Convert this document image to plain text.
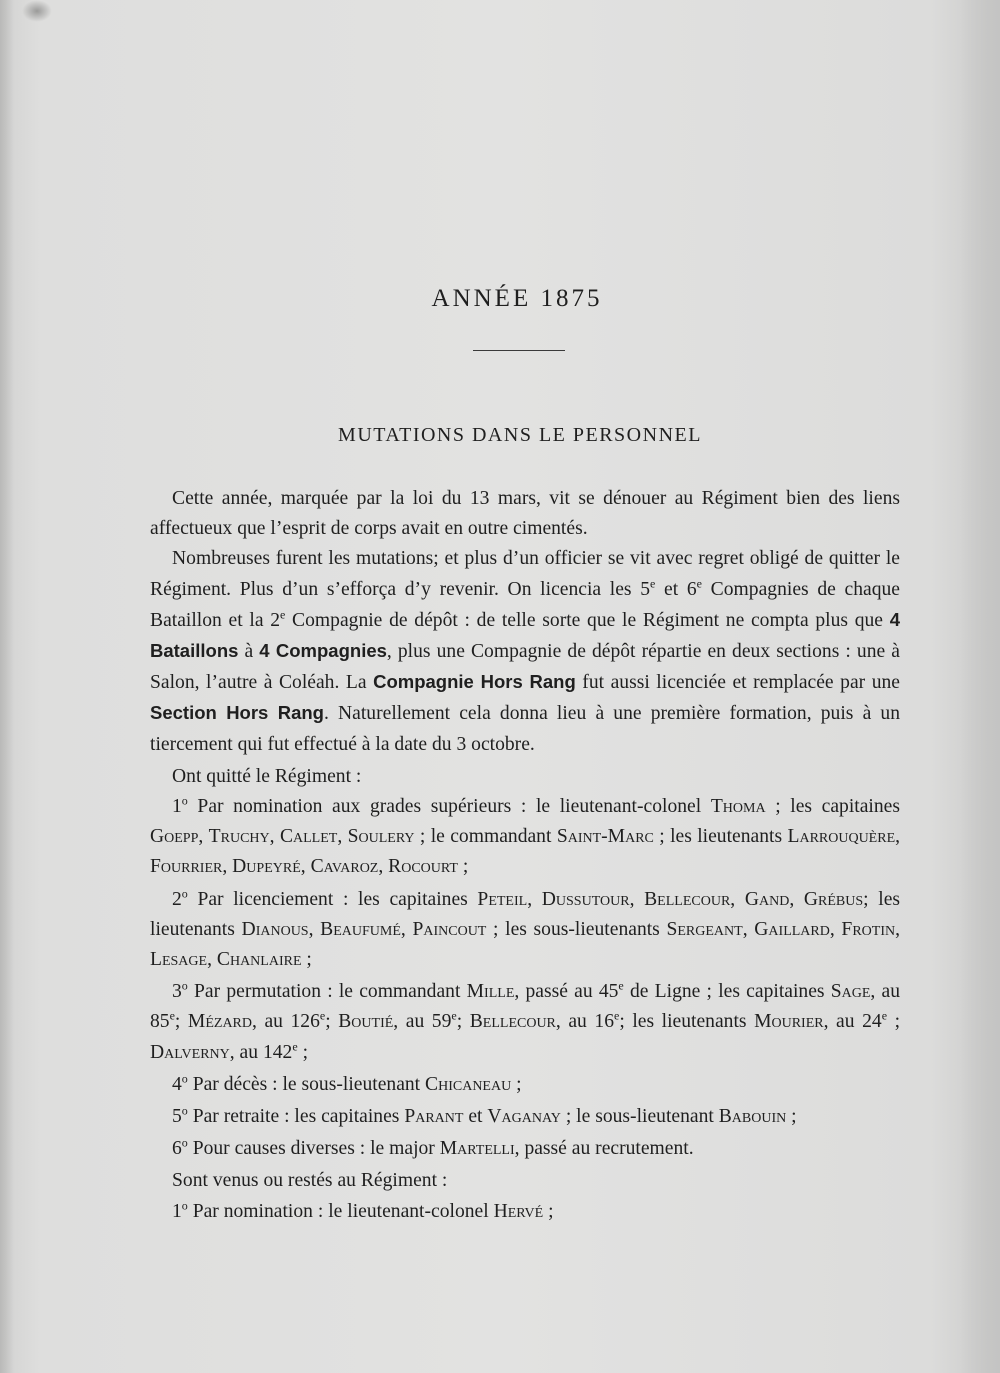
ANNÉE 1875
MUTATIONS DANS LE PERSONNEL

Cette année, marquée par la loi du 13 mars, vit se dénouer au Régiment bien des liens affectueux que l’esprit de corps avait en outre cimentés.

Nombreuses furent les mutations; et plus d’un officier se vit avec regret obligé de quitter le Régiment. Plus d’un s’efforça d’y revenir. On licencia les 5e et 6e Compagnies de chaque Bataillon et la 2e Compagnie de dépôt : de telle sorte que le Régiment ne compta plus que 4 Bataillons à 4 Compagnies, plus une Compagnie de dépôt répartie en deux sections : une à Salon, l’autre à Coléah. La Compagnie Hors Rang fut aussi licenciée et remplacée par une Section Hors Rang. Naturellement cela donna lieu à une première formation, puis à un tiercement qui fut effectué à la date du 3 octobre.

Ont quitté le Régiment :

1$^o$ Par nomination aux grades supérieurs : le lieutenant-colonel Thoma ; les capitaines Goepp, Truchy, Callet, Soulery ; le commandant Saint-Marc ; les lieutenants Larrouquère, Fourrier, Dupeyré, Cavaroz, Rocourt ;

2$^o$ Par licenciement : les capitaines Peteil, Dussutour, Bellecour, Gand, Grébus; les lieutenants Dianous, Beaufumé, Paincout ; les sous-lieutenants Sergeant, Gaillard, Frotin, Lesage, Chanlaire ;

3$^o$ Par permutation : le commandant Mille, passé au 45e de Ligne ; les capitaines Sage, au 85e; Mézard, au 126e; Boutié, au 59e; Bellecour, au 16e; les lieutenants Mourier, au 24e ; Dalverny, au 142e ;

4$^o$ Par décès : le sous-lieutenant Chicaneau ;

5$^o$ Par retraite : les capitaines Parant et Vaganay ; le sous-lieutenant Babouin ;

6$^o$ Pour causes diverses : le major Martelli, passé au recrutement.

Sont venus ou restés au Régiment :

1$^o$ Par nomination : le lieutenant-colonel Hervé ;
